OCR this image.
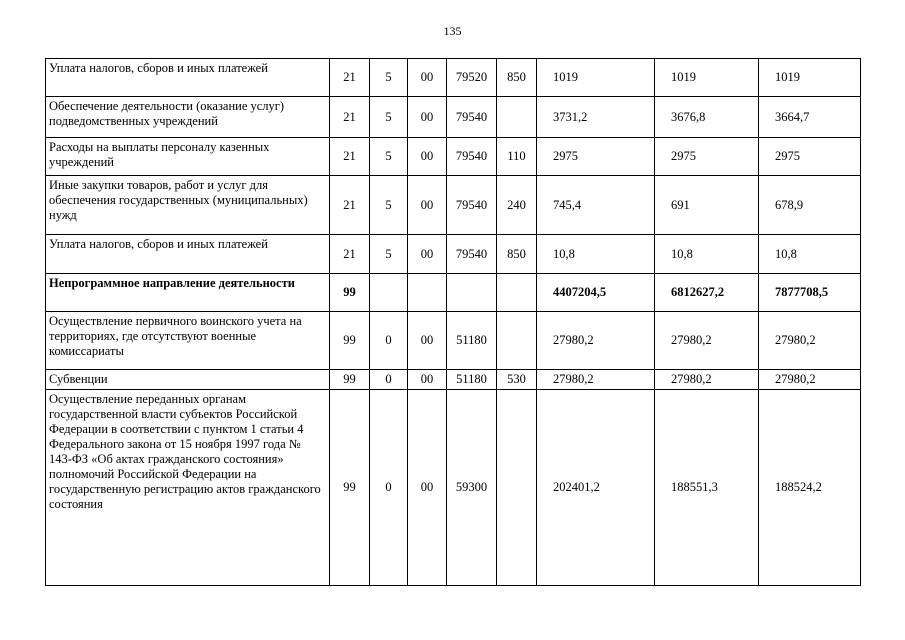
135
Уплата налогов, сборов и иных платежей	21	5	00	79520	850	1019	1019	1019
Обеспечение деятельности (оказание услуг) подведомственных учреждений	21	5	00	79540		3731,2	3676,8	3664,7
Расходы на выплаты персоналу казенных учреждений	21	5	00	79540	110	2975	2975	2975
Иные закупки товаров, работ и услуг для обеспечения государственных (муниципальных) нужд	21	5	00	79540	240	745,4	691	678,9
Уплата налогов, сборов и иных платежей	21	5	00	79540	850	10,8	10,8	10,8
Непрограммное направление деятельности	99					4407204,5	6812627,2	7877708,5
Осуществление первичного воинского учета на территориях, где отсутствуют военные комиссариаты	99	0	00	51180		27980,2	27980,2	27980,2
Субвенции	99	0	00	51180	530	27980,2	27980,2	27980,2
Осуществление переданных органам государственной власти субъектов Российской Федерации в соответствии с пунктом 1 статьи 4 Федерального закона от 15 ноября 1997 года № 143-ФЗ «Об актах гражданского состояния» полномочий Российской Федерации на государственную регистрацию актов гражданского состояния	99	0	00	59300		202401,2	188551,3	188524,2
